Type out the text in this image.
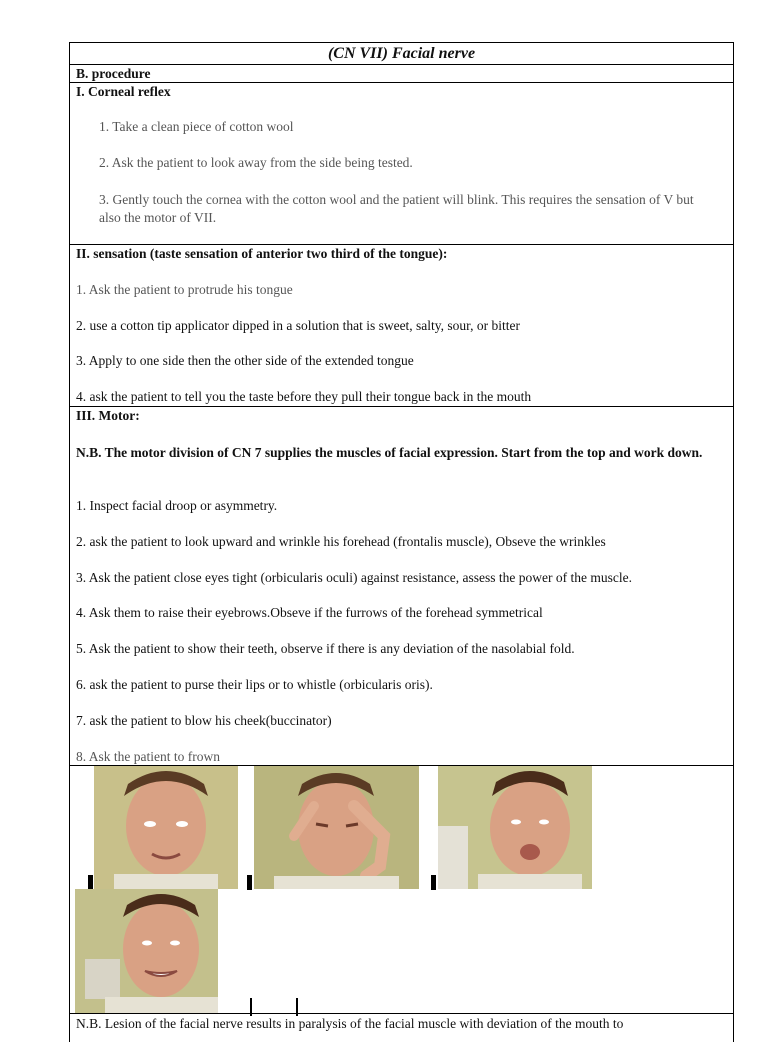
(CN VII) Facial nerve
B. procedure
I. Corneal reflex
1. Take a clean piece of cotton wool
2. Ask the patient to look away from the side being tested.
3. Gently touch the cornea with the cotton wool and the patient will blink. This requires the sensation of V but also the motor of VII.
II. sensation (taste sensation of anterior two third of the tongue):
1. Ask the patient to protrude his tongue
2. use a cotton tip applicator dipped in a solution that is sweet, salty, sour, or bitter
3. Apply to one side then the other side of the extended tongue
4. ask the patient to tell you the taste before they pull their tongue back in the mouth
III. Motor:
N.B. The motor division of CN 7 supplies the muscles of facial expression. Start from the top and work down.
1. Inspect facial droop or asymmetry.
2. ask the patient to look upward and wrinkle his forehead (frontalis muscle), Obseve the wrinkles
3. Ask the patient close eyes tight (orbicularis oculi) against resistance, assess the power of the muscle.
4. Ask them to raise their eyebrows.Obseve if the furrows of the forehead symmetrical
5. Ask the patient to show their teeth, observe if there is any deviation of the nasolabial fold.
6. ask the patient to purse their lips or to whistle (orbicularis oris).
7. ask the patient to blow his cheek(buccinator)
8. Ask the patient to frown
N.B. Lesion of the facial nerve results in paralysis of the facial muscle with deviation of the mouth to
